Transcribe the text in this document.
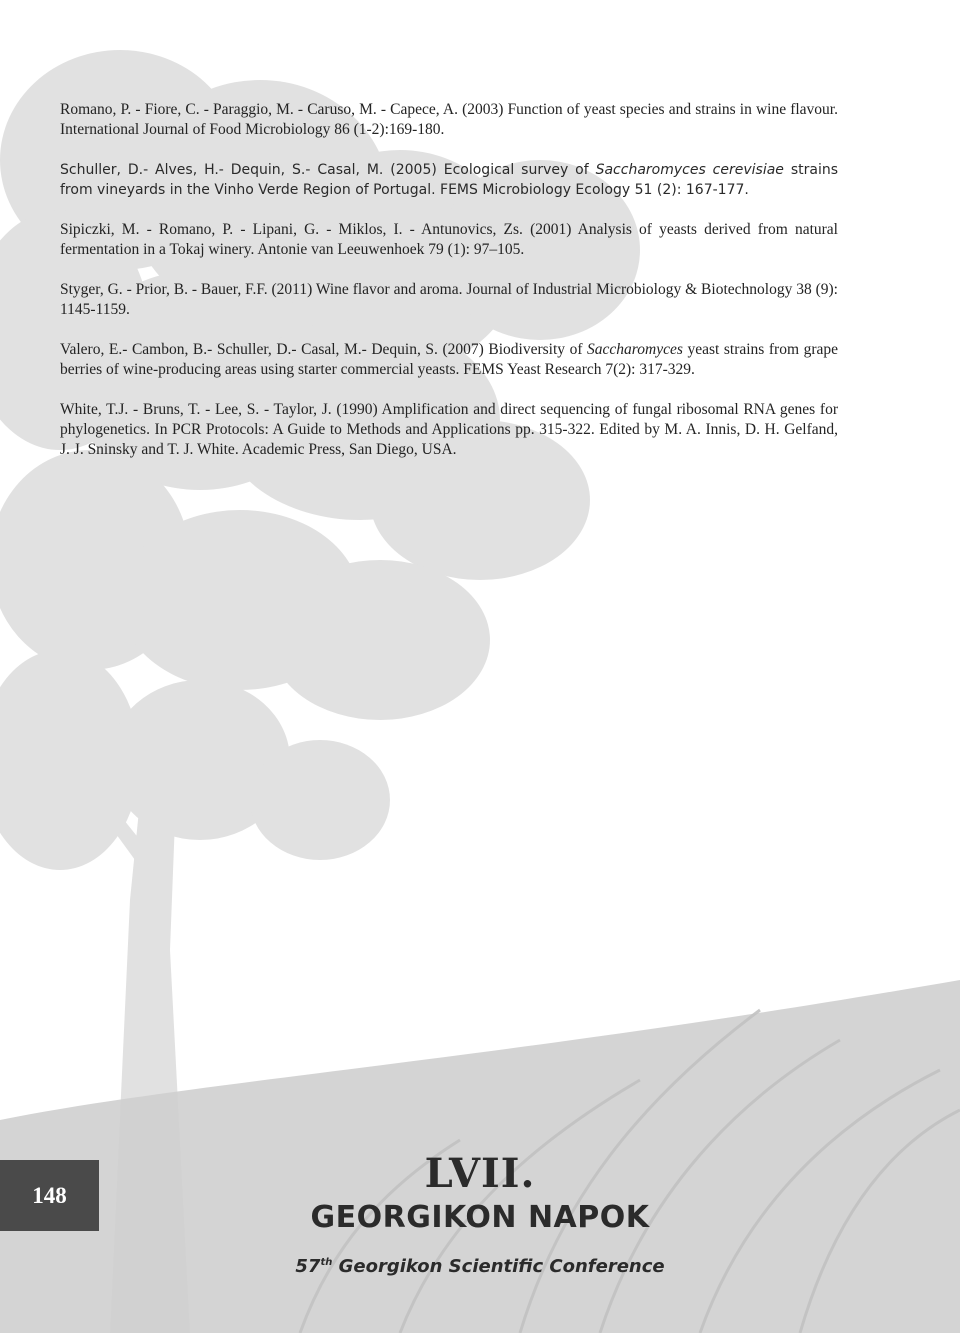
Romano, P. - Fiore, C. - Paraggio, M. - Caruso, M. - Capece, A. (2003) Function of yeast species and strains in wine flavour. International Journal of Food Microbiology 86 (1-2):169-180.

Schuller, D.- Alves, H.- Dequin, S.- Casal, M. (2005) Ecological survey of Saccharomyces cerevisiae strains from vineyards in the Vinho Verde Region of Portugal. FEMS Microbiology Ecology 51 (2): 167-177.

Sipiczki, M. - Romano, P. - Lipani, G. - Miklos, I. - Antunovics, Zs. (2001) Analysis of yeasts derived from natural fermentation in a Tokaj winery. Antonie van Leeuwenhoek 79 (1): 97–105.

Styger, G. - Prior, B. - Bauer, F.F. (2011) Wine flavor and aroma. Journal of Industrial Microbiology & Biotechnology 38 (9): 1145-1159.

Valero, E.- Cambon, B.- Schuller, D.- Casal, M.- Dequin, S. (2007) Biodiversity of Saccharomyces yeast strains from grape berries of wine-producing areas using starter commercial yeasts. FEMS Yeast Research 7(2): 317-329.

White, T.J. - Bruns, T. - Lee, S. - Taylor, J. (1990) Amplification and direct sequencing of fungal ribosomal RNA genes for phylogenetics. In PCR Protocols: A Guide to Methods and Applications pp. 315-322. Edited by M. A. Innis, D. H. Gelfand, J. J. Sninsky and T. J. White. Academic Press, San Diego, USA.

148	LVII.
GEORGIKON NAPOK
57th Georgikon Scientific Conference
